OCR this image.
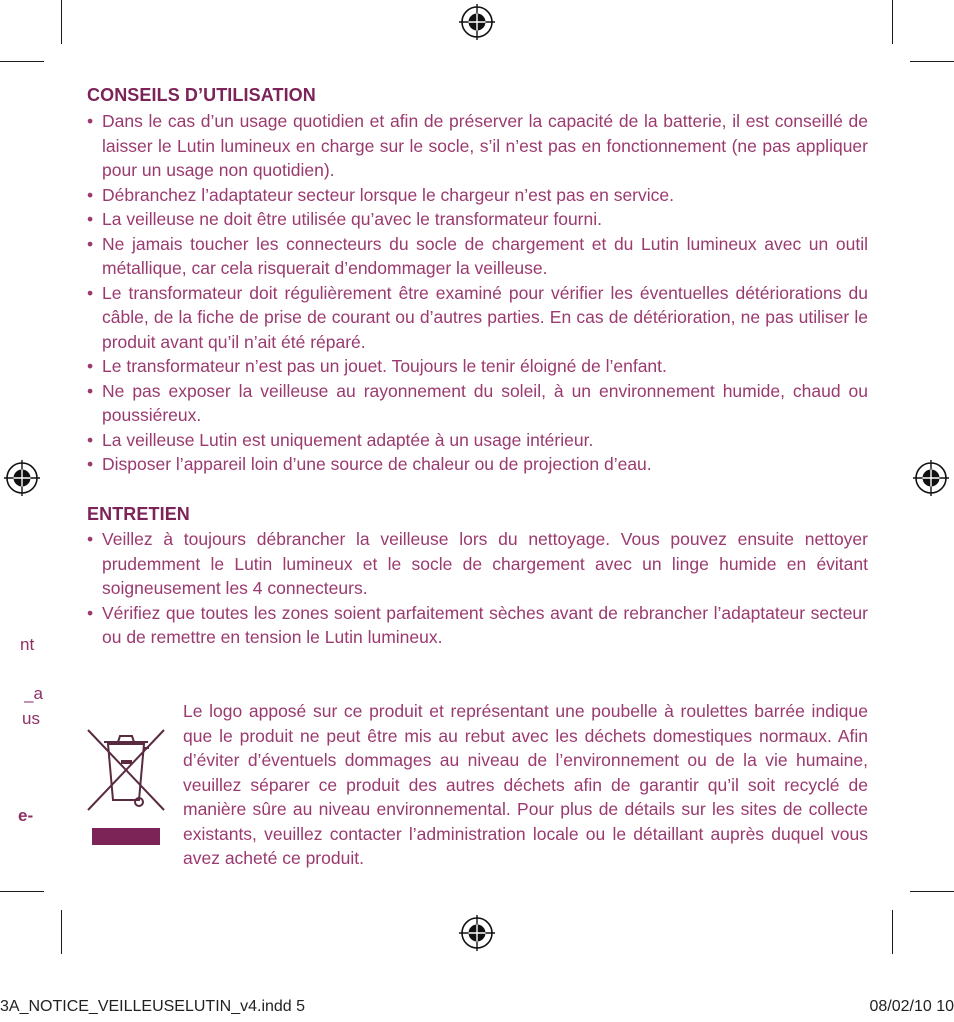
CONSEILS D’UTILISATION
• Dans le cas d’un usage quotidien et afin de préserver la capacité de la batterie, il est conseillé de laisser le Lutin lumineux en charge sur le socle, s’il n’est pas en fonctionnement (ne pas appliquer pour un usage non quotidien).
• Débranchez l’adaptateur secteur lorsque le chargeur n’est pas en service.
• La veilleuse ne doit être utilisée qu’avec le transformateur fourni.
• Ne jamais toucher les connecteurs du socle de chargement et du Lutin lumineux avec un outil métallique, car cela risquerait d’endommager la veilleuse.
• Le transformateur doit régulièrement être examiné pour vérifier les éventuelles détériorations du câble, de la fiche de prise de courant ou d’autres parties. En cas de détérioration, ne pas utiliser le produit avant qu’il n’ait été réparé.
• Le transformateur n’est pas un jouet. Toujours le tenir éloigné de l’enfant.
• Ne pas exposer la veilleuse au rayonnement du soleil, à un environnement humide, chaud ou poussiéreux.
• La veilleuse Lutin est uniquement adaptée à un usage intérieur.
• Disposer l’appareil loin d’une source de chaleur ou de projection d’eau.
ENTRETIEN
• Veillez à toujours débrancher la veilleuse lors du nettoyage. Vous pouvez ensuite nettoyer prudemment le Lutin lumineux et le socle de chargement avec un linge humide en évitant soigneusement les 4 connecteurs.
• Vérifiez que toutes les zones soient parfaitement sèches avant de rebrancher l’adaptateur secteur ou de remettre en tension le Lutin lumineux.
Le logo apposé sur ce produit et représentant une poubelle à roulettes barrée indique que le produit ne peut être mis au rebut avec les déchets domestiques normaux. Afin d’éviter d’éventuels dommages au niveau de l’environnement ou de la vie humaine, veuillez séparer ce produit des autres déchets afin de garantir qu’il soit recyclé de manière sûre au niveau environnemental. Pour plus de détails sur les sites de collecte existants, veuillez contacter l’administration locale ou le détaillant auprès duquel vous avez acheté ce produit.
nt
_a
us
e-
3A_NOTICE_VEILLEUSELUTIN_v4.indd 5	08/02/10 10
